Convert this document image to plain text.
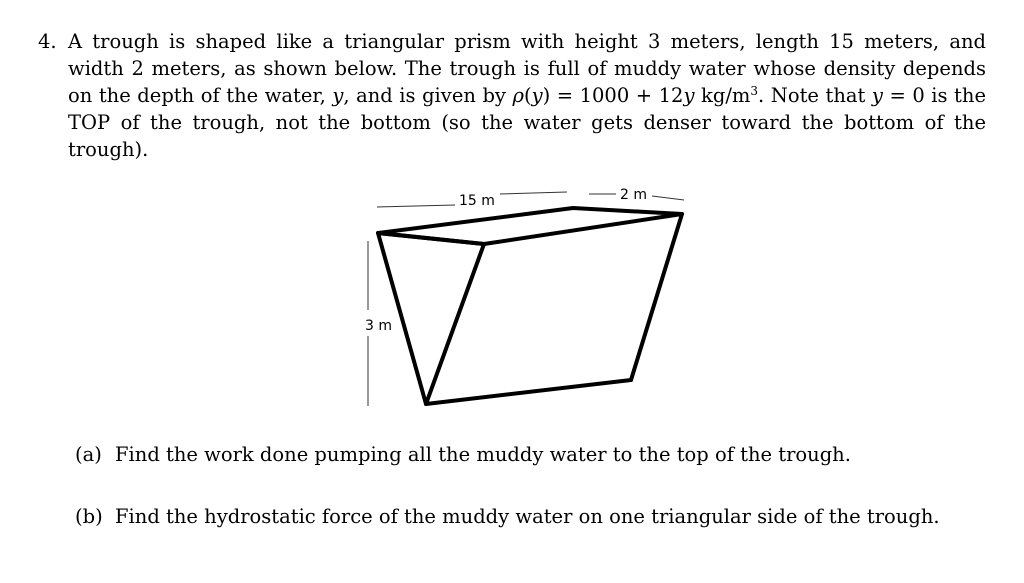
4. A trough is shaped like a triangular prism with height 3 meters, length 15 meters, and width 2 meters, as shown below. The trough is full of muddy water whose density depends on the depth of the water, y, and is given by ρ(y) = 1000 + 12y $kg/m^3$. Note that y = 0 is the TOP of the trough, not the bottom (so the water gets denser toward the bottom of the trough).
15 m	2 m
3 m
(a) Find the work done pumping all the muddy water to the top of the trough.
(b) Find the hydrostatic force of the muddy water on one triangular side of the trough.
